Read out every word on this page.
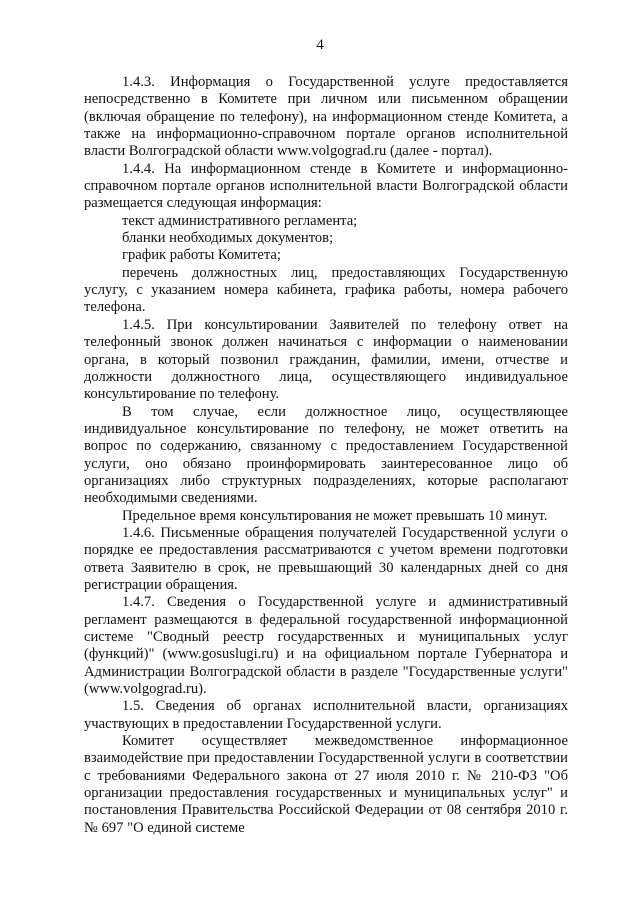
4

1.4.3. Информация о Государственной услуге предоставляется непосредственно в Комитете при личном или письменном обращении (включая обращение по телефону), на информационном стенде Комитета, а также на информационно-справочном портале органов исполнительной власти Волгоградской области www.volgograd.ru (далее - портал).

1.4.4. На информационном стенде в Комитете и информационно-справочном портале органов исполнительной власти Волгоградской области размещается следующая информация:

текст административного регламента;

бланки необходимых документов;

график работы Комитета;

перечень должностных лиц, предоставляющих Государственную услугу, с указанием номера кабинета, графика работы, номера рабочего телефона.

1.4.5. При консультировании Заявителей по телефону ответ на телефонный звонок должен начинаться с информации о наименовании органа, в который позвонил гражданин, фамилии, имени, отчестве и должности должностного лица, осуществляющего индивидуальное консультирование по телефону.

В том случае, если должностное лицо, осуществляющее индивидуальное консультирование по телефону, не может ответить на вопрос по содержанию, связанному с предоставлением Государственной услуги, оно обязано проинформировать заинтересованное лицо об организациях либо структурных подразделениях, которые располагают необходимыми сведениями.

Предельное время консультирования не может превышать 10 минут.

1.4.6. Письменные обращения получателей Государственной услуги о порядке ее предоставления рассматриваются с учетом времени подготовки ответа Заявителю в срок, не превышающий 30 календарных дней со дня регистрации обращения.

1.4.7. Сведения о Государственной услуге и административный регламент размещаются в федеральной государственной информационной системе "Сводный реестр государственных и муниципальных услуг (функций)" (www.gosuslugi.ru) и на официальном портале Губернатора и Администрации Волгоградской области в разделе "Государственные услуги" (www.volgograd.ru).

1.5. Сведения об органах исполнительной власти, организациях участвующих в предоставлении Государственной услуги.

Комитет осуществляет межведомственное информационное взаимодействие при предоставлении Государственной услуги в соответствии с требованиями Федерального закона от 27 июля 2010 г. № 210-ФЗ "Об организации предоставления государственных и муниципальных услуг" и постановления Правительства Российской Федерации от 08 сентября 2010 г. № 697 "О единой системе
